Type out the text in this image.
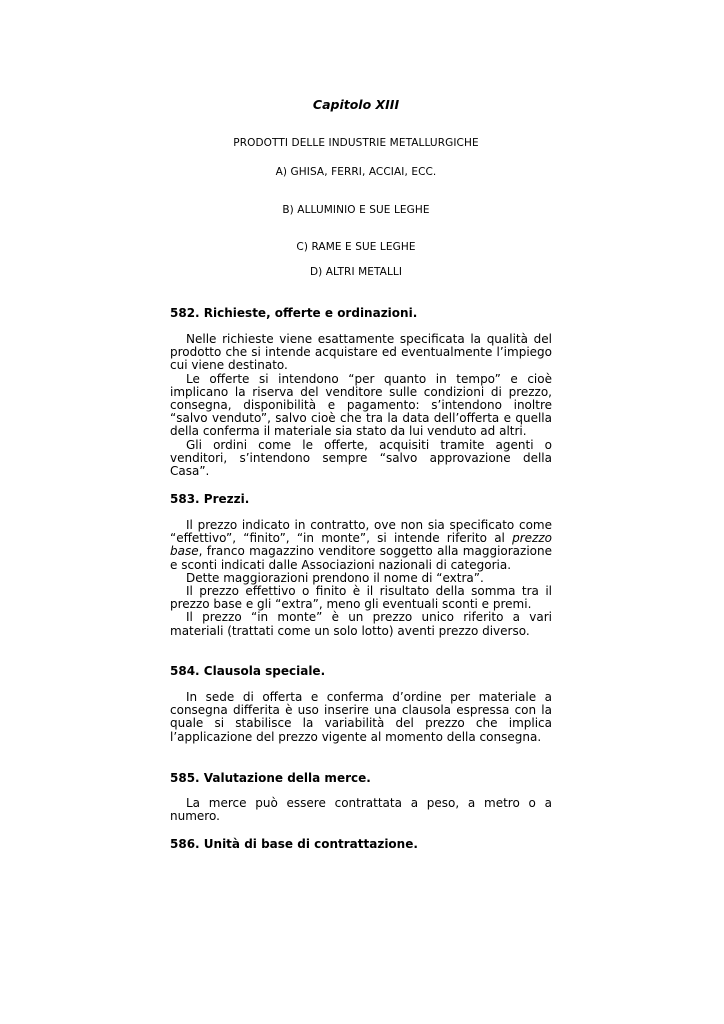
Capitolo XIII
PRODOTTI DELLE INDUSTRIE METALLURGICHE
A) GHISA, FERRI, ACCIAI, ECC.
B) ALLUMINIO E SUE LEGHE
C) RAME E SUE LEGHE
D) ALTRI METALLI
582. Richieste, offerte e ordinazioni.

Nelle richieste viene esattamente specificata la qualità del prodotto che si intende acquistare ed eventualmente l’impiego cui viene destinato.

Le offerte si intendono “per quanto in tempo” e cioè implicano la riserva del venditore sulle condizioni di prezzo, consegna, disponibilità e pagamento: s’intendono inoltre “salvo venduto”, salvo cioè che tra la data dell’offerta e quella della conferma il materiale sia stato da lui venduto ad altri.

Gli ordini come le offerte, acquisiti tramite agenti o venditori, s’intendono sempre “salvo approvazione della Casa”.

583. Prezzi.

Il prezzo indicato in contratto, ove non sia specificato come “effettivo”, “finito”, “in monte”, si intende riferito al prezzo base, franco magazzino venditore soggetto alla maggiorazione e sconti indicati dalle Associazioni nazionali di categoria.

Dette maggiorazioni prendono il nome di “extra”.

Il prezzo effettivo o finito è il risultato della somma tra il prezzo base e gli “extra”, meno gli eventuali sconti e premi.

Il prezzo “in monte” è un prezzo unico riferito a vari materiali (trattati come un solo lotto) aventi prezzo diverso.

584. Clausola speciale.

In sede di offerta e conferma d’ordine per materiale a consegna differita è uso inserire una clausola espressa con la quale si stabilisce la variabilità del prezzo che implica l’applicazione del prezzo vigente al momento della consegna.

585. Valutazione della merce.

La merce può essere contrattata a peso, a metro o a numero.

586. Unità di base di contrattazione.
